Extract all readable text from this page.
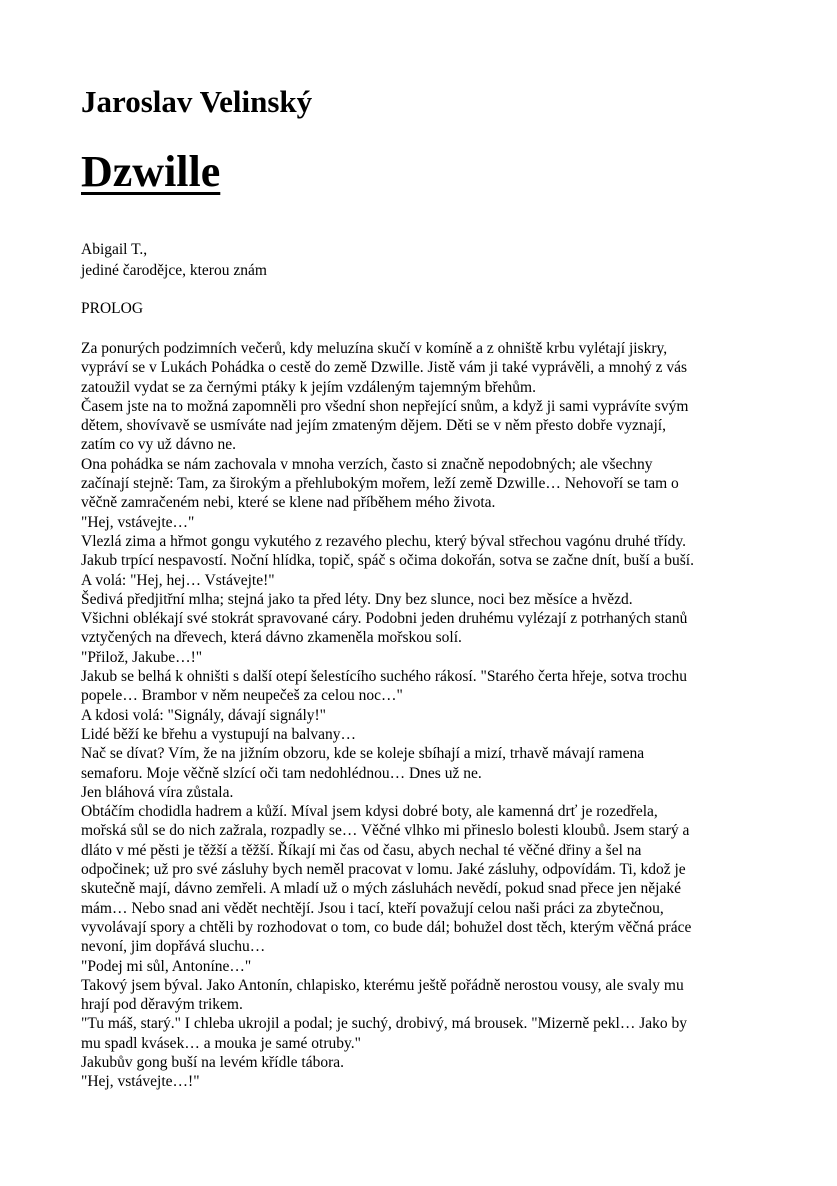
Jaroslav Velinský
Dzwille
Abigail T.,
jediné čarodějce, kterou znám
PROLOG
Za ponurých podzimních večerů, kdy meluzína skučí v komíně a z ohniště krbu vylétají jiskry,
vypráví se v Lukách Pohádka o cestě do země Dzwille. Jistě vám ji také vyprávěli, a mnohý z vás
zatoužil vydat se za černými ptáky k jejím vzdáleným tajemným břehům.
Časem jste na to možná zapomněli pro všední shon nepřející snům, a když ji sami vyprávíte svým
dětem, shovívavě se usmíváte nad jejím zmateným dějem. Děti se v něm přesto dobře vyznají,
zatím co vy už dávno ne.
Ona pohádka se nám zachovala v mnoha verzích, často si značně nepodobných; ale všechny
začínají stejně: Tam, za širokým a přehlubokým mořem, leží země Dzwille… Nehovoří se tam o
věčně zamračeném nebi, které se klene nad příběhem mého života.
"Hej, vstávejte…"
Vlezlá zima a hřmot gongu vykutého z rezavého plechu, který býval střechou vagónu druhé třídy.
Jakub trpící nespavostí. Noční hlídka, topič, spáč s očima dokořán, sotva se začne dnít, buší a buší.
A volá: "Hej, hej… Vstávejte!"
Šedivá předjitřní mlha; stejná jako ta před léty. Dny bez slunce, noci bez měsíce a hvězd.
Všichni oblékají své stokrát spravované cáry. Podobni jeden druhému vylézají z potrhaných stanů
vztyčených na dřevech, která dávno zkameněla mořskou solí.
"Přilož, Jakube…!"
Jakub se belhá k ohništi s další otepí šelestícího suchého rákosí. "Starého čerta hřeje, sotva trochu
popele… Brambor v něm neupečeš za celou noc…"
A kdosi volá: "Signály, dávají signály!"
Lidé běží ke břehu a vystupují na balvany…
Nač se dívat? Vím, že na jižním obzoru, kde se koleje sbíhají a mizí, trhavě mávají ramena
semaforu. Moje věčně slzící oči tam nedohlédnou… Dnes už ne.
Jen bláhová víra zůstala.
Obtáčím chodidla hadrem a kůží. Míval jsem kdysi dobré boty, ale kamenná drť je rozedřela,
mořská sůl se do nich zažrala, rozpadly se… Věčné vlhko mi přineslo bolesti kloubů. Jsem starý a
dláto v mé pěsti je těžší a těžší. Říkají mi čas od času, abych nechal té věčné dřiny a šel na
odpočinek; už pro své zásluhy bych neměl pracovat v lomu. Jaké zásluhy, odpovídám. Ti, kdož je
skutečně mají, dávno zemřeli. A mladí už o mých zásluhách nevědí, pokud snad přece jen nějaké
mám… Nebo snad ani vědět nechtějí. Jsou i tací, kteří považují celou naši práci za zbytečnou,
vyvolávají spory a chtěli by rozhodovat o tom, co bude dál; bohužel dost těch, kterým věčná práce
nevoní, jim dopřává sluchu…
"Podej mi sůl, Antoníne…"
Takový jsem býval. Jako Antonín, chlapisko, kterému ještě pořádně nerostou vousy, ale svaly mu
hrají pod děravým trikem.
"Tu máš, starý." I chleba ukrojil a podal; je suchý, drobivý, má brousek. "Mizerně pekl… Jako by
mu spadl kvásek… a mouka je samé otruby."
Jakubův gong buší na levém křídle tábora.
"Hej, vstávejte…!"
